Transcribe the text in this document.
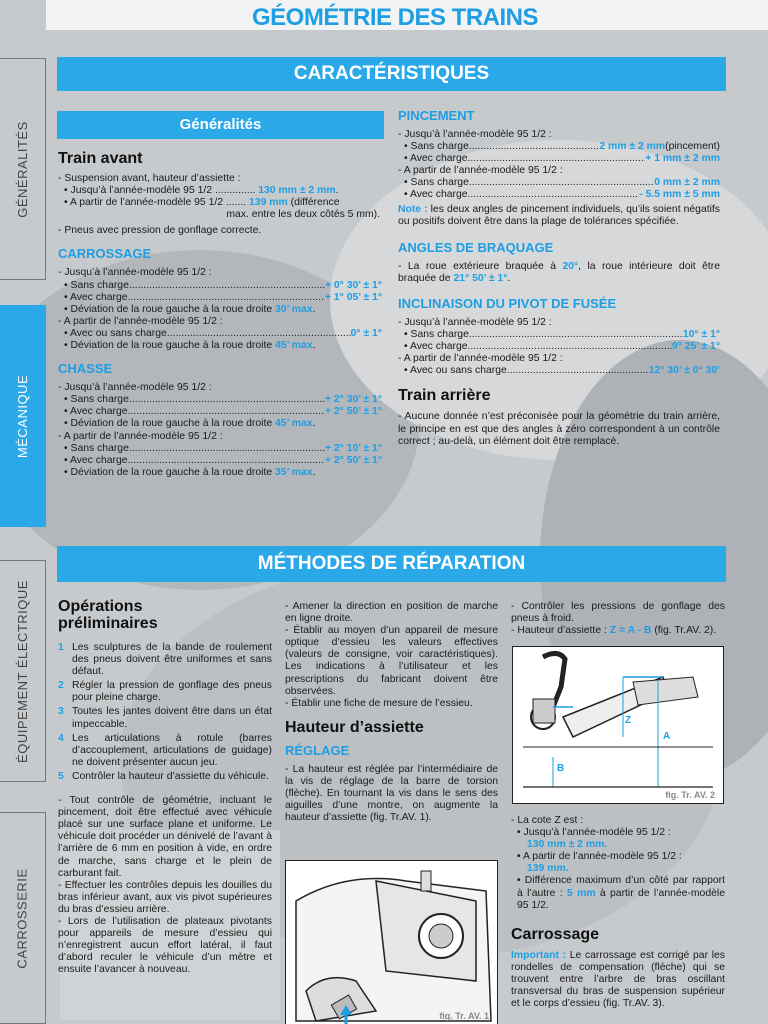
GÉOMÉTRIE DES TRAINS
GÉNÉRALITÉS
MÉCANIQUE
ÉQUIPEMENT ÉLECTRIQUE
CARROSSERIE
CARACTÉRISTIQUES
Généralités
Train avant
- Suspension avant, hauteur d’assiette :
• Jusqu’à l’année-modèle 95 1/2 .............. 130 mm ± 2 mm.
• A partir de l’année-modèle 95 1/2 ....... 139 mm (différence
max. entre les deux côtés 5 mm).
- Pneus avec pression de gonflage correcte.
CARROSSAGE
- Jusqu’à l’année-modèle 95 1/2 :
• Sans charge .....	+ 0° 30’ ± 1°
• Avec charge .....	+ 1° 05’ ± 1°
• Déviation de la roue gauche à la roue droite 30’ max.
- A partir de l’année-modèle 95 1/2 :
• Avec ou sans charge .....	0° ± 1°
• Déviation de la roue gauche à la roue droite 45’ max.
CHASSE
- Jusqu’à l’année-modèle 95 1/2 :
• Sans charge .....	+ 2° 30’ ± 1°
• Avec charge .....	+ 2° 50’ ± 1°
• Déviation de la roue gauche à la roue droite 45’ max.
- A partir de l’année-modèle 95 1/2 :
• Sans charge .....	+ 2° 10’ ± 1°
• Avec charge .....	+ 2° 50’ ± 1°
• Déviation de la roue gauche à la roue droite 35’ max.
PINCEMENT
- Jusqu’à l’année-modèle 95 1/2 :
• Sans charge .....	2 mm ± 2 mm (pincement)
• Avec charge .....	+ 1 mm ± 2 mm
- A partir de l’année-modèle 95 1/2 :
• Sans charge .....	0 mm ± 2 mm
• Avec charge .....	- 5.5 mm ± 5 mm
Note : les deux angles de pincement individuels, qu’ils soient négatifs ou positifs doivent être dans la plage de tolérances spécifiée.
ANGLES DE BRAQUAGE
- La roue extérieure braquée à 20°, la roue intérieure doit être braquée de 21° 50’ ± 1°.
INCLINAISON DU PIVOT DE FUSÉE
- Jusqu’à l’année-modèle 95 1/2 :
• Sans charge .....	10° ± 1°
• Avec charge .....	9° 25’ ± 1°
- A partir de l’année-modèle 95 1/2 :
• Avec ou sans charge .....	12° 30’ ± 0° 30’
Train arrière
- Aucune donnée n’est préconisée pour la géométrie du train arrière, le principe en est que des angles à zéro correspondent à un contrôle correct ; au-delà, un élément doit être remplacé.
MÉTHODES DE RÉPARATION
Opérations préliminaires
1 Les sculptures de la bande de roulement des pneus doivent être uniformes et sans défaut.
2 Régler la pression de gonflage des pneus pour pleine charge.
3 Toutes les jantes doivent être dans un état impeccable.
4 Les articulations à rotule (barres d’accouplement, articulations de guidage) ne doivent présenter aucun jeu.
5 Contrôler la hauteur d’assiette du véhicule.
- Tout contrôle de géométrie, incluant le pincement, doit être effectué avec véhicule placé sur une surface plane et uniforme. Le véhicule doit procéder un dénivelé de l’avant à l’arrière de 6 mm en position à vide, en ordre de marche, sans charge et le plein de carburant fait.
- Effectuer les contrôles depuis les douilles du bras inférieur avant, aux vis pivot supérieures du bras d’essieu arrière.
- Lors de l’utilisation de plateaux pivotants pour appareils de mesure d’essieu qui n’enregistrent aucun effort latéral, il faut d’abord reculer le véhicule d’un mètre et ensuite l’avancer à nouveau.
- Amener la direction en position de marche en ligne droite.
- Établir au moyen d’un appareil de mesure optique d’essieu les valeurs effectives (valeurs de consigne, voir caractéristiques). Les indications à l’utilisateur et les prescriptions du fabricant doivent être observées.
- Établir une fiche de mesure de l’essieu.
Hauteur d’assiette
RÉGLAGE
- La hauteur est réglée par l’intermédiaire de la vis de réglage de la barre de torsion (flèche). En tournant la vis dans le sens des aiguilles d’une montre, on augmente la hauteur d’assiette (fig. Tr.AV. 1).
fig. Tr. AV. 1
- Contrôler les pressions de gonflage des pneus à froid.
- Hauteur d’assiette : Z = A - B (fig. Tr.AV. 2).
Z
A
B
fig. Tr. AV. 2
- La cote Z est :
• Jusqu’à l’année-modèle 95 1/2 :
130 mm ± 2 mm.
• A partir de l’année-modèle 95 1/2 :
139 mm.
• Différence maximum d’un côté par rapport à l’autre : 5 mm à partir de l’année-modèle 95 1/2.
Carrossage
Important : Le carrossage est corrigé par les rondelles de compensation (flèche) qui se trouvent entre l’arbre de bras oscillant transversal du bras de suspension supérieur et le corps d’essieu (fig. Tr.AV. 3).
